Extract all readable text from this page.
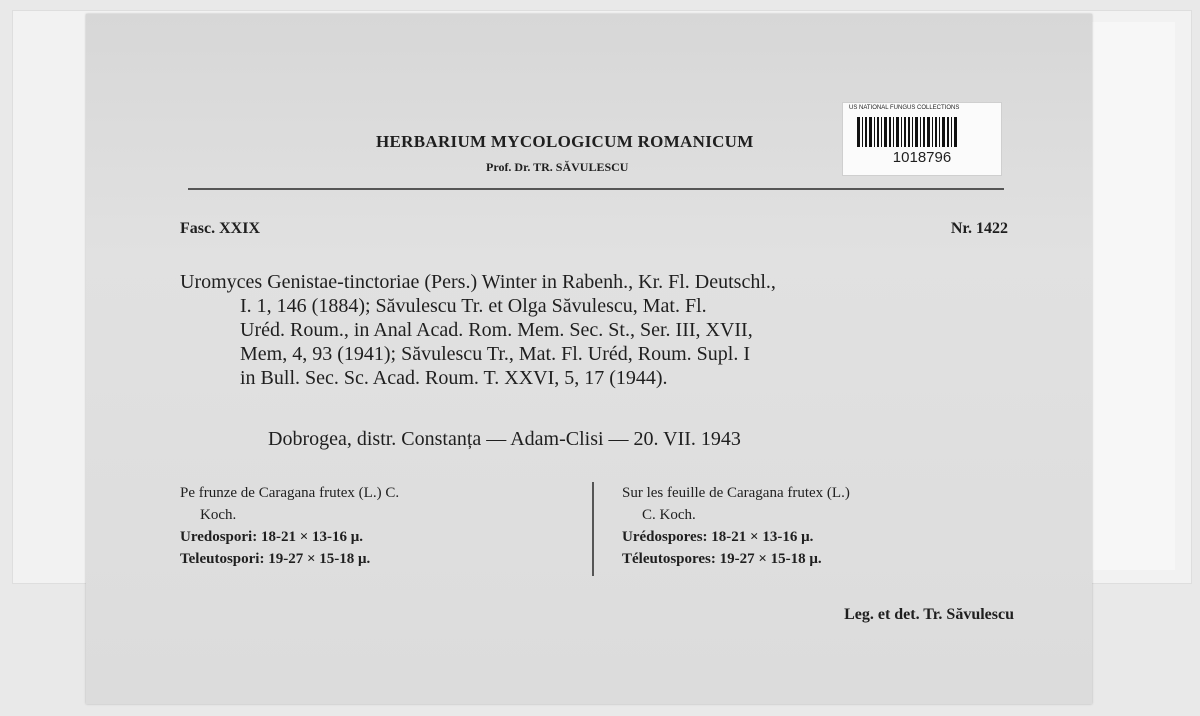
HERBARIUM MYCOLOGICUM ROMANICUM
Prof. Dr. TR. SĂVULESCU
US NATIONAL FUNGUS COLLECTIONS
1018796
Fasc. XXIX	Nr. 1422
Uromyces Genistae-tinctoriae (Pers.) Winter in Rabenh., Kr. Fl. Deutschl.,
I. 1, 146 (1884); Săvulescu Tr. et Olga Săvulescu, Mat. Fl.
Uréd. Roum., in Anal Acad. Rom. Mem. Sec. St., Ser. III, XVII,
Mem, 4, 93 (1941); Săvulescu Tr., Mat. Fl. Uréd, Roum. Supl. I
in Bull. Sec. Sc. Acad. Roum. T. XXVI, 5, 17 (1944).
Dobrogea, distr. Constanța — Adam-Clisi — 20. VII. 1943
Pe frunze de Caragana frutex (L.) C.
Koch.
Uredospori: 18-21 × 13-16 μ.
Teleutospori: 19-27 × 15-18 μ.
Sur les feuille de Caragana frutex (L.)
C. Koch.
Urédospores: 18-21 × 13-16 μ.
Téleutospores: 19-27 × 15-18 μ.
Leg. et det. Tr. Săvulescu
